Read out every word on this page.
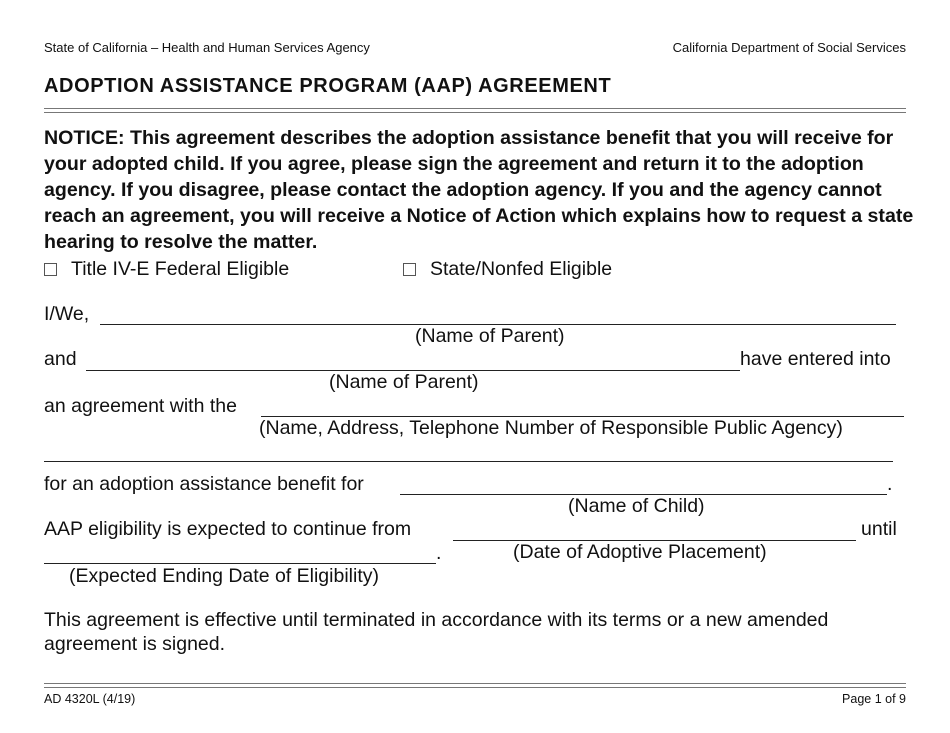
State of California – Health and Human Services Agency	California Department of Social Services
ADOPTION ASSISTANCE PROGRAM (AAP) AGREEMENT

NOTICE: This agreement describes the adoption assistance benefit that you will receive for your adopted child. If you agree, please sign the agreement and return it to the adoption agency. If you disagree, please contact the adoption agency. If you and the agency cannot reach an agreement, you will receive a Notice of Action which explains how to request a state hearing to resolve the matter.

Title IV-E Federal Eligible	State/Nonfed Eligible
I/We,
(Name of Parent)
and	have entered into
(Name of Parent)
an agreement with the
(Name, Address, Telephone Number of Responsible Public Agency)
for an adoption assistance benefit for	.
(Name of Child)
AAP eligibility is expected to continue from	until
.	(Date of Adoptive Placement)
(Expected Ending Date of Eligibility)

This agreement is effective until terminated in accordance with its terms or a new amended agreement is signed.

AD 4320L (4/19)	Page 1 of 9
